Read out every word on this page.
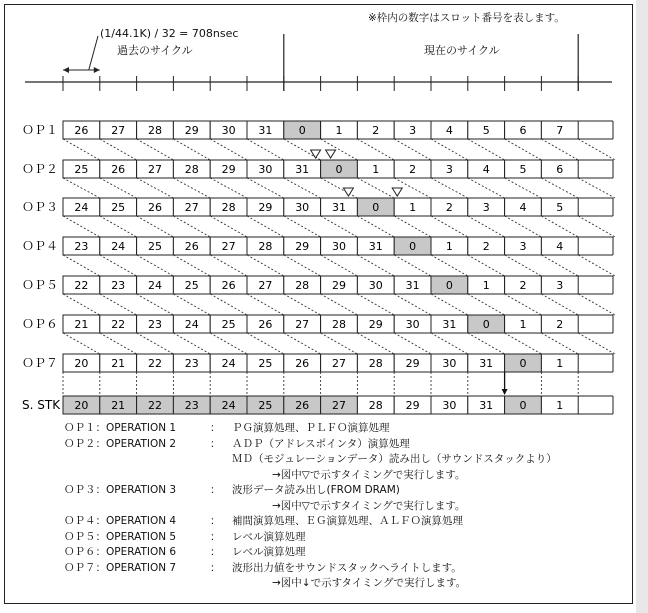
ＯＰ１ 26 27 28 29 30 31 0	1	2	3	4	5	6	7
ＯＰ２ 25 26 27 28 29 30 31 0	1	2	3	4	5	6
ＯＰ３ 24 25 26 27 28 29 30 31 0	1	2	3	4	5
ＯＰ４ 23 24 25 26 27 28 29 30 31 0	1	2	3	4
ＯＰ５ 22 23 24 25 26 27 28 29 30 31 0	1	2	3
ＯＰ６ 21 22 23 24 25 26 27 28 29 30 31 0	1	2
ＯＰ７ 20 21 22 23 24 25 26 27 28 29 30 31 0	1
S. STK 20 21 22 23 24 25 26 27 28 29 30 31 0	1
※枠内の数字はスロット番号を表します。
(1/44.1K) / 32 = 708nsec
過去のサイクル	現在のサイクル
ＯＰ１：OPERATION 1	： ＰＧ演算処理、ＰＬＦＯ演算処理
ＯＰ２：OPERATION 2	： ＡＤＰ（アドレスポインタ）演算処理
ＭＤ（モジュレーションデータ）読み出し（サウンドスタックより）
→図中▽で示すタイミングで実行します。
ＯＰ３：OPERATION 3	： 波形データ読み出し(FROM DRAM)
→図中▽で示すタイミングで実行します。
ＯＰ４：OPERATION 4	： 補間演算処理、ＥＧ演算処理、ＡＬＦＯ演算処理
ＯＰ５：OPERATION 5	： レベル演算処理
ＯＰ６：OPERATION 6	： レベル演算処理
ＯＰ７：OPERATION 7	： 波形出力値をサウンドスタックへライトします。
→図中↓で示すタイミングで実行します。
